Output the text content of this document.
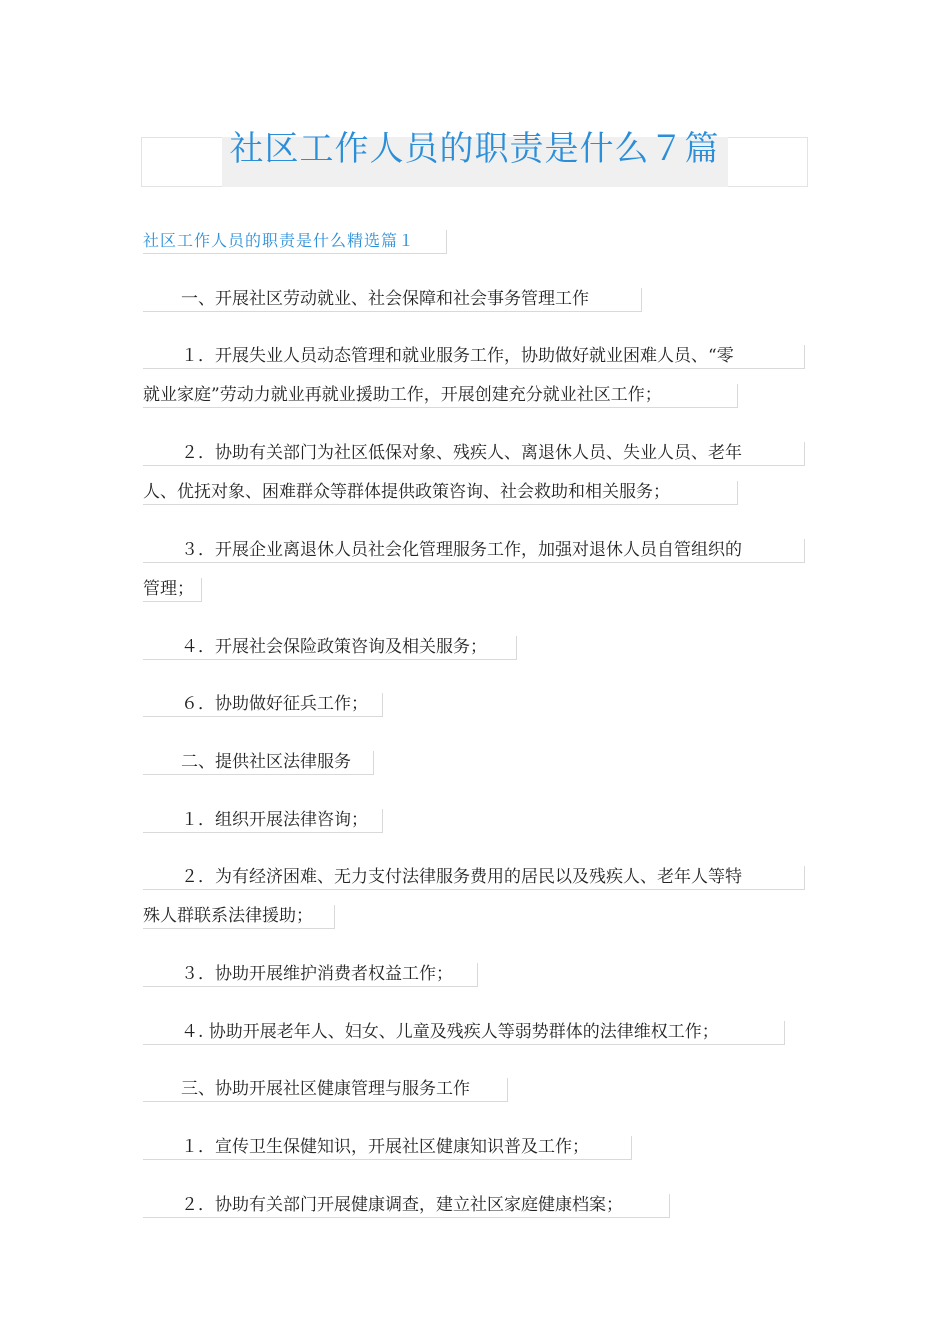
社区工作人员的职责是什么７篇
社区工作人员的职责是什么精选篇１
一、开展社区劳动就业、社会保障和社会事务管理工作
１．开展失业人员动态管理和就业服务工作，协助做好就业困难人员、“零
就业家庭”劳动力就业再就业援助工作，开展创建充分就业社区工作；
２．协助有关部门为社区低保对象、残疾人、离退休人员、失业人员、老年
人、优抚对象、困难群众等群体提供政策咨询、社会救助和相关服务；
３．开展企业离退休人员社会化管理服务工作，加强对退休人员自管组织的
管理；
４．开展社会保险政策咨询及相关服务；
６．协助做好征兵工作；
二、提供社区法律服务
１．组织开展法律咨询；
２．为有经济困难、无力支付法律服务费用的居民以及残疾人、老年人等特
殊人群联系法律援助；
３．协助开展维护消费者权益工作；
４. 协助开展老年人、妇女、儿童及残疾人等弱势群体的法律维权工作；
三、协助开展社区健康管理与服务工作
１．宣传卫生保健知识，开展社区健康知识普及工作；
２．协助有关部门开展健康调查，建立社区家庭健康档案；
